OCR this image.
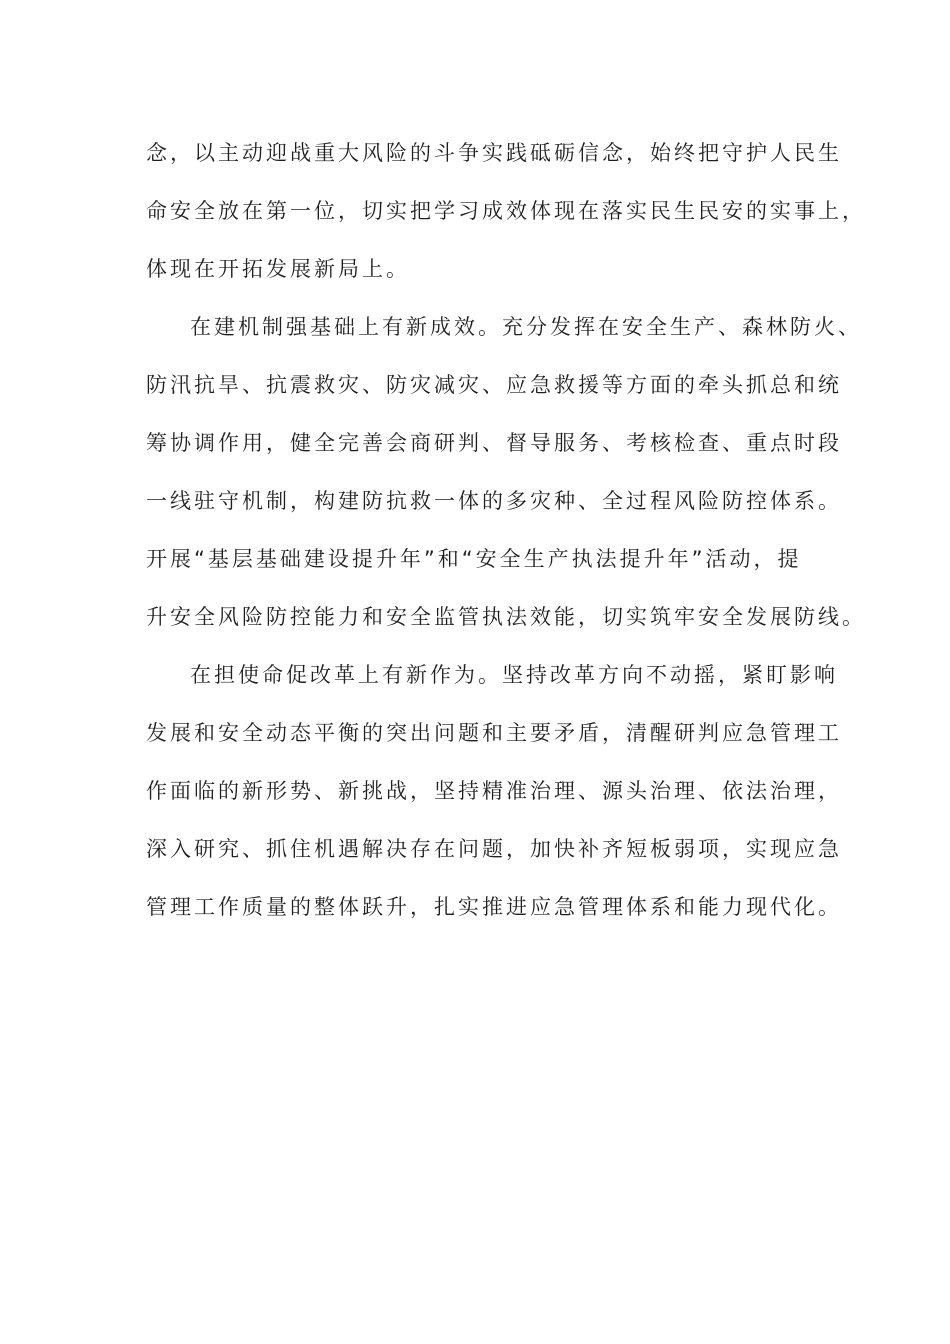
念，以主动迎战重大风险的斗争实践砥砺信念，始终把守护人民生
命安全放在第一位，切实把学习成效体现在落实民生民安的实事上，
体现在开拓发展新局上。
在建机制强基础上有新成效。充分发挥在安全生产、森林防火、
防汛抗旱、抗震救灾、防灾减灾、应急救援等方面的牵头抓总和统
筹协调作用，健全完善会商研判、督导服务、考核检查、重点时段
一线驻守机制，构建防抗救一体的多灾种、全过程风险防控体系。
开展“基层基础建设提升年”和“安全生产执法提升年”活动，提
升安全风险防控能力和安全监管执法效能，切实筑牢安全发展防线。
在担使命促改革上有新作为。坚持改革方向不动摇，紧盯影响
发展和安全动态平衡的突出问题和主要矛盾，清醒研判应急管理工
作面临的新形势、新挑战，坚持精准治理、源头治理、依法治理，
深入研究、抓住机遇解决存在问题，加快补齐短板弱项，实现应急
管理工作质量的整体跃升，扎实推进应急管理体系和能力现代化。
